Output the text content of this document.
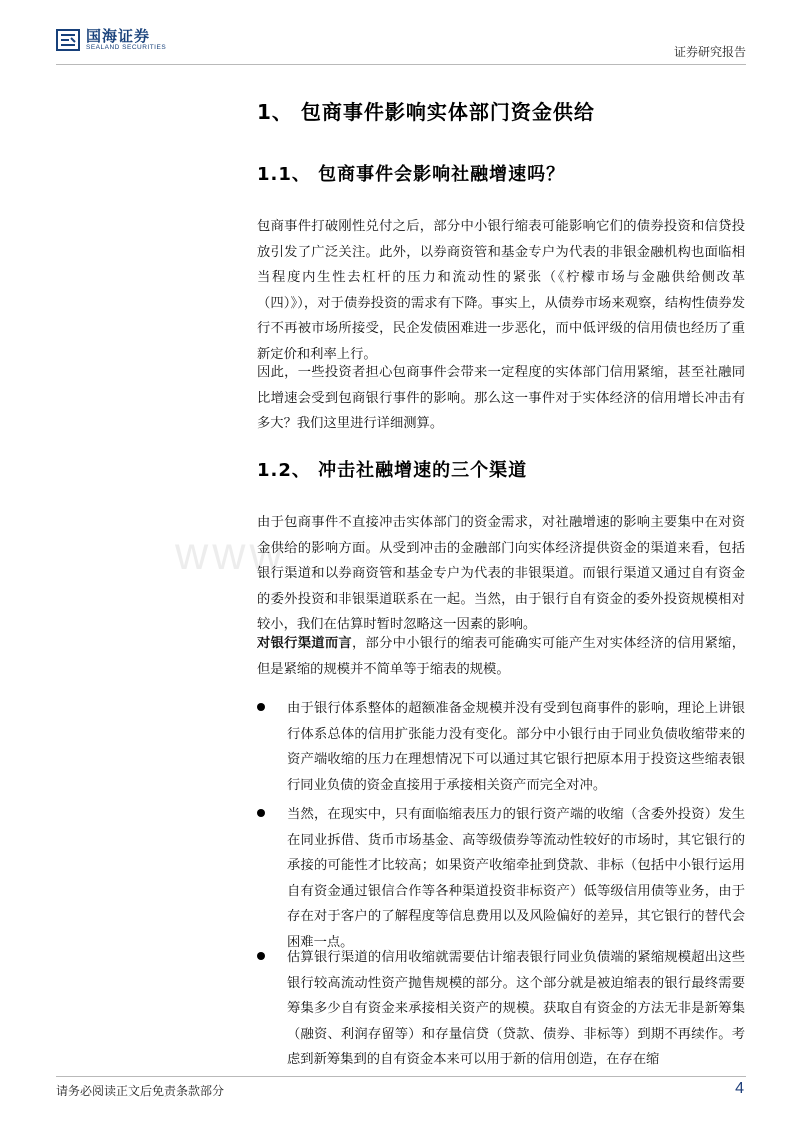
国海证券
SEALAND SECURITIES	证券研究报告
www
1、 包商事件影响实体部门资金供给
1.1、 包商事件会影响社融增速吗？

包商事件打破刚性兑付之后，部分中小银行缩表可能影响它们的债券投资和信贷投放引发了广泛关注。此外，以券商资管和基金专户为代表的非银金融机构也面临相当程度内生性去杠杆的压力和流动性的紧张（《柠檬市场与金融供给侧改革（四）》），对于债券投资的需求有下降。事实上，从债券市场来观察，结构性债券发行不再被市场所接受，民企发债困难进一步恶化，而中低评级的信用债也经历了重新定价和利率上行。

因此，一些投资者担心包商事件会带来一定程度的实体部门信用紧缩，甚至社融同比增速会受到包商银行事件的影响。那么这一事件对于实体经济的信用增长冲击有多大？我们这里进行详细测算。

1.2、 冲击社融增速的三个渠道

由于包商事件不直接冲击实体部门的资金需求，对社融增速的影响主要集中在对资金供给的影响方面。从受到冲击的金融部门向实体经济提供资金的渠道来看，包括银行渠道和以券商资管和基金专户为代表的非银渠道。而银行渠道又通过自有资金的委外投资和非银渠道联系在一起。当然，由于银行自有资金的委外投资规模相对较小，我们在估算时暂时忽略这一因素的影响。

对银行渠道而言，部分中小银行的缩表可能确实可能产生对实体经济的信用紧缩，但是紧缩的规模并不简单等于缩表的规模。

由于银行体系整体的超额准备金规模并没有受到包商事件的影响，理论上讲银行体系总体的信用扩张能力没有变化。部分中小银行由于同业负债收缩带来的资产端收缩的压力在理想情况下可以通过其它银行把原本用于投资这些缩表银行同业负债的资金直接用于承接相关资产而完全对冲。
当然，在现实中，只有面临缩表压力的银行资产端的收缩（含委外投资）发生在同业拆借、货币市场基金、高等级债券等流动性较好的市场时，其它银行的承接的可能性才比较高；如果资产收缩牵扯到贷款、非标（包括中小银行运用自有资金通过银信合作等各种渠道投资非标资产）低等级信用债等业务，由于存在对于客户的了解程度等信息费用以及风险偏好的差异，其它银行的替代会困难一点。
估算银行渠道的信用收缩就需要估计缩表银行同业负债端的紧缩规模超出这些银行较高流动性资产抛售规模的部分。这个部分就是被迫缩表的银行最终需要筹集多少自有资金来承接相关资产的规模。获取自有资金的方法无非是新筹集（融资、利润存留等）和存量信贷（贷款、债券、非标等）到期不再续作。考虑到新筹集到的自有资金本来可以用于新的信用创造，在存在缩
请务必阅读正文后免责条款部分	4
